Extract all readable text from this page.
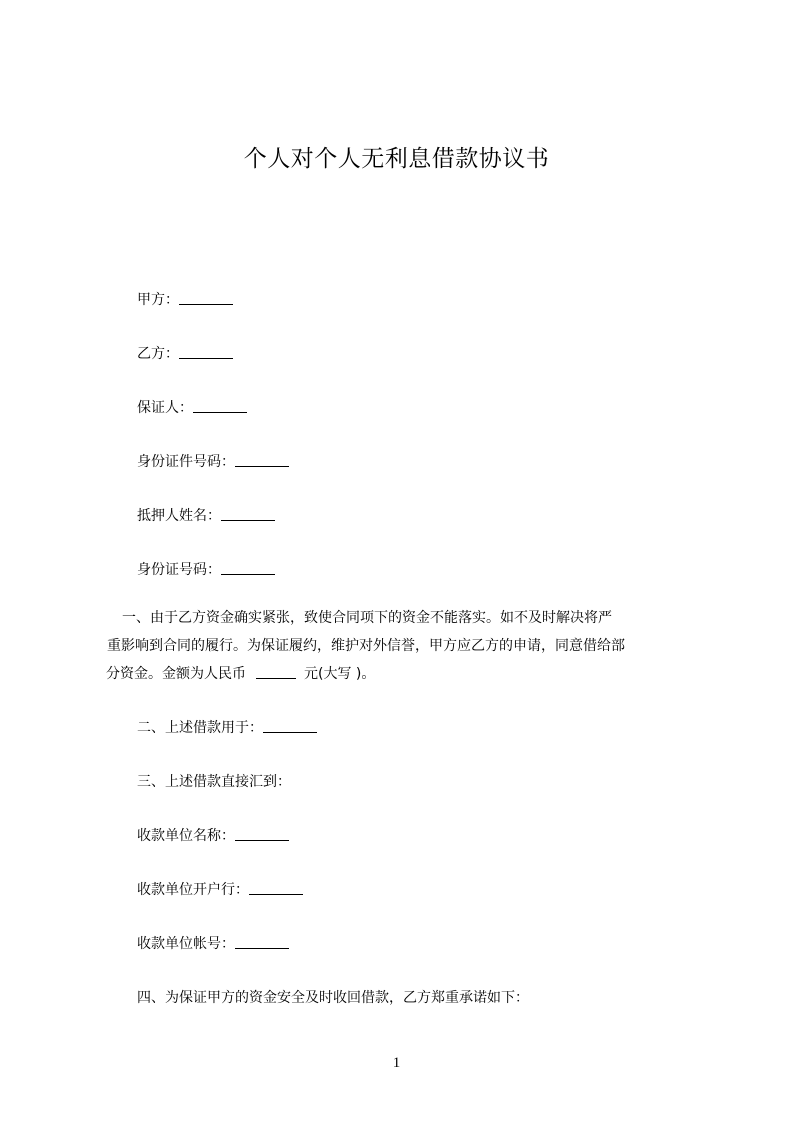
个人对个人无利息借款协议书
甲方：
乙方：
保证人：
身份证件号码：
抵押人姓名：
身份证号码：

一、由于乙方资金确实紧张，致使合同项下的资金不能落实。如不及时解决将严

重影响到合同的履行。为保证履约，维护对外信誉，甲方应乙方的申请，同意借给部

分资金。金额为人民币	元(大写 )。

二、上述借款用于：
三、上述借款直接汇到：
收款单位名称：
收款单位开户行：
收款单位帐号：
四、为保证甲方的资金安全及时收回借款，乙方郑重承诺如下：
1
